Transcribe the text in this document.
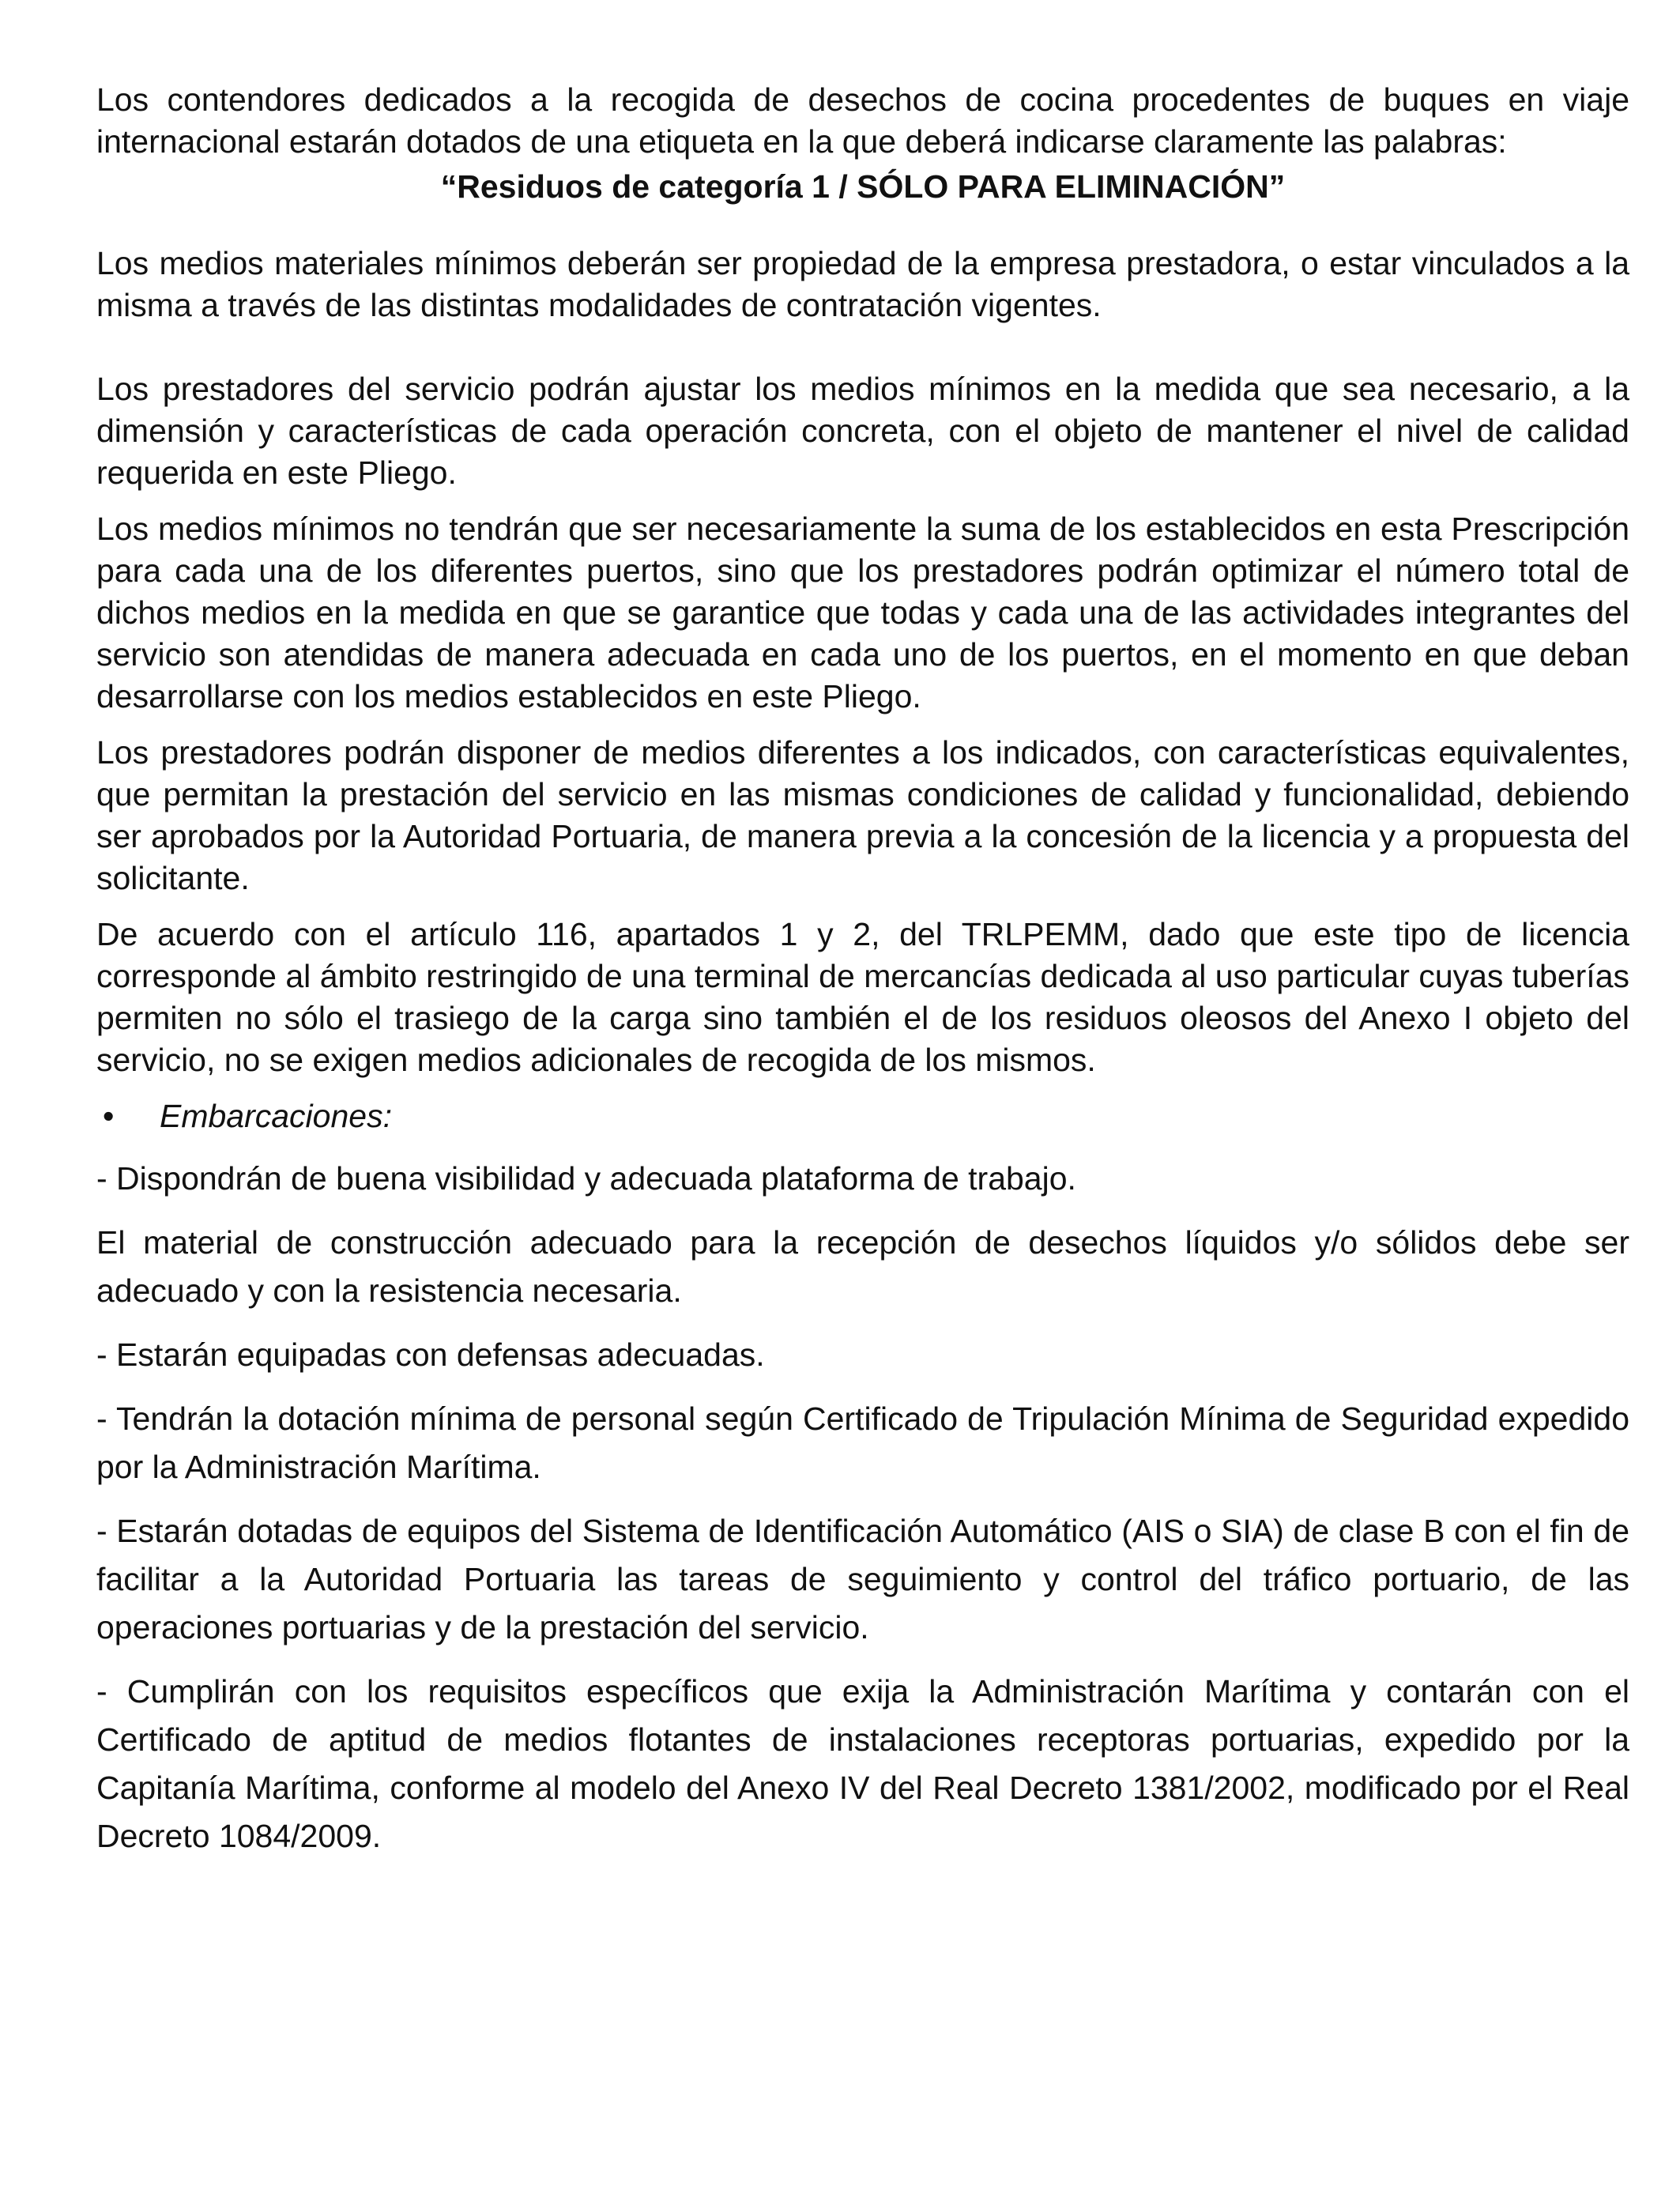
Los contendores dedicados a la recogida de desechos de cocina procedentes de buques en viaje internacional estarán dotados de una etiqueta en la que deberá indicarse claramente las palabras:

“Residuos de categoría 1 / SÓLO PARA ELIMINACIÓN”

Los medios materiales mínimos deberán ser propiedad de la empresa prestadora, o estar vinculados a la misma a través de las distintas modalidades de contratación vigentes.

Los prestadores del servicio podrán ajustar los medios mínimos en la medida que sea necesario, a la dimensión y características de cada operación concreta, con el objeto de mantener el nivel de calidad requerida en este Pliego.

Los medios mínimos no tendrán que ser necesariamente la suma de los establecidos en esta Prescripción para cada una de los diferentes puertos, sino que los prestadores podrán optimizar el número total de dichos medios en la medida en que se garantice que todas y cada una de las actividades integrantes del servicio son atendidas de manera adecuada en cada uno de los puertos, en el momento en que deban desarrollarse con los medios establecidos en este Pliego.

Los prestadores podrán disponer de medios diferentes a los indicados, con características equivalentes, que permitan la prestación del servicio en las mismas condiciones de calidad y funcionalidad, debiendo ser aprobados por la Autoridad Portuaria, de manera previa a la concesión de la licencia y a propuesta del solicitante.

De acuerdo con el artículo 116, apartados 1 y 2, del TRLPEMM, dado que este tipo de licencia corresponde al ámbito restringido de una terminal de mercancías dedicada al uso particular cuyas tuberías permiten no sólo el trasiego de la carga sino también el de los residuos oleosos del Anexo I objeto del servicio, no se exigen medios adicionales de recogida de los mismos.

•	Embarcaciones:

- Dispondrán de buena visibilidad y adecuada plataforma de trabajo.

El material de construcción adecuado para la recepción de desechos líquidos y/o sólidos debe ser adecuado y con la resistencia necesaria.

- Estarán equipadas con defensas adecuadas.

- Tendrán la dotación mínima de personal según Certificado de Tripulación Mínima de Seguridad expedido por la Administración Marítima.

- Estarán dotadas de equipos del Sistema de Identificación Automático (AIS o SIA) de clase B con el fin de facilitar a la Autoridad Portuaria las tareas de seguimiento y control del tráfico portuario, de las operaciones portuarias y de la prestación del servicio.

- Cumplirán con los requisitos específicos que exija la Administración Marítima y contarán con el Certificado de aptitud de medios flotantes de instalaciones receptoras portuarias, expedido por la Capitanía Marítima, conforme al modelo del Anexo IV del Real Decreto 1381/2002, modificado por el Real Decreto 1084/2009.
